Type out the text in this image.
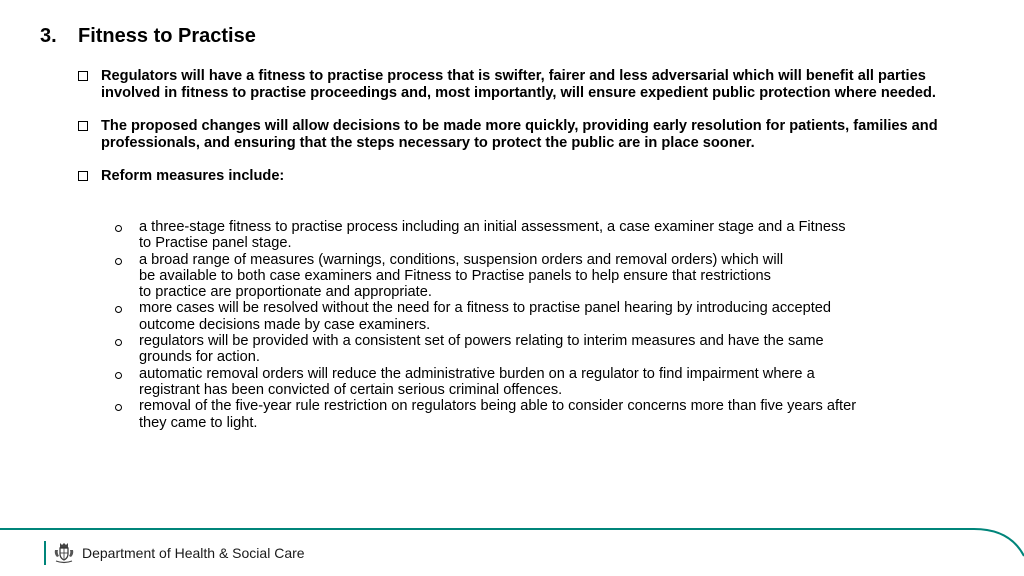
3. Fitness to Practise
Regulators will have a fitness to practise process that is swifter, fairer and less adversarial which will benefit all parties involved in fitness to practise proceedings and, most importantly, will ensure expedient public protection where needed.
The proposed changes will allow decisions to be made more quickly, providing early resolution for patients, families and professionals, and ensuring that the steps necessary to protect the public are in place sooner.
Reform measures include:
a three-stage fitness to practise process including an initial assessment, a case examiner stage and a Fitness
to Practise panel stage.
a broad range of measures (warnings, conditions, suspension orders and removal orders) which will
be available to both case examiners and Fitness to Practise panels to help ensure that restrictions
to practice are proportionate and appropriate.
more cases will be resolved without the need for a fitness to practise panel hearing by introducing accepted
outcome decisions made by case examiners.
regulators will be provided with a consistent set of powers relating to interim measures and have the same
grounds for action.
automatic removal orders will reduce the administrative burden on a regulator to find impairment where a
registrant has been convicted of certain serious criminal offences.
removal of the five-year rule restriction on regulators being able to consider concerns more than five years after
they came to light.
Department of Health & Social Care
